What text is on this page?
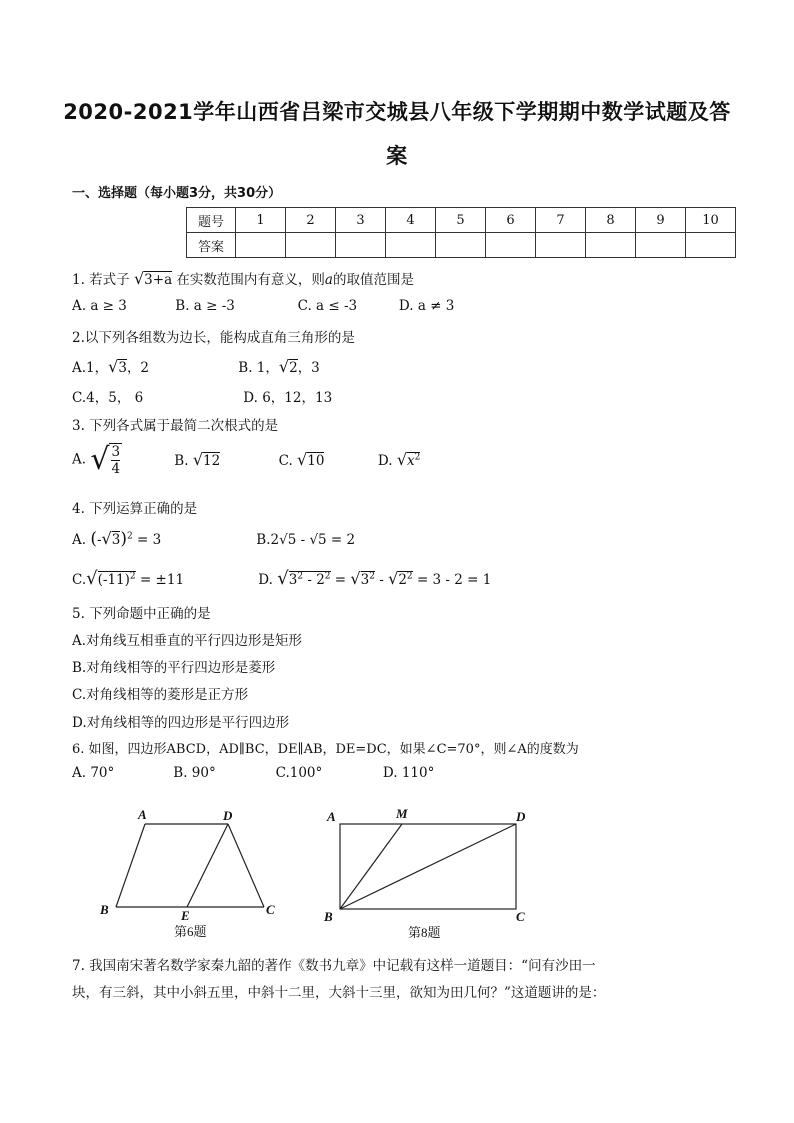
2020-2021学年山西省吕梁市交城县八年级下学期期中数学试题及答
案
一、选择题（每小题3分，共30分）
题号	1	2	3	4	5	6	7	8	9	10
答案										
1. 若式子 √3+a 在实数范围内有意义，则a的取值范围是
A. a ≥ 3	B. a ≥ -3	C. a ≤ -3	D. a ≠ 3
2.以下列各组数为边长，能构成直角三角形的是
A.1，√3，2	B. 1，√2，3
C.4，5， 6	D. 6，12，13
3. 下列各式属于最简二次根式的是
A. √ $\frac{3}{4}$	B. √12	C. √10	D. $√x^2$
4. 下列运算正确的是
A. $(-√3)^2 = 3$	B.2√5 - √5 = 2
$C.√(-11)^2 = \pm 11$	D. $√3^2 - 2^2 = √3^2 - √2^2 = 3 - 2 = 1$
5. 下列命题中正确的是
A.对角线互相垂直的平行四边形是矩形
B.对角线相等的平行四边形是菱形
C.对角线相等的菱形是正方形
D.对角线相等的四边形是平行四边形
6. 如图，四边形ABCD，AD∥BC，DE∥AB，DE=DC，如果∠C=70°，则∠A的度数为
A. 70°	B. 90°	C.100°	D. 110°
A	D
B	E	C
第6题
A	M	D
B	C
第8题
7. 我国南宋著名数学家秦九韶的著作《数书九章》中记载有这样一道题目：“问有沙田一
块，有三斜，其中小斜五里，中斜十二里，大斜十三里，欲知为田几何？”这道题讲的是：
